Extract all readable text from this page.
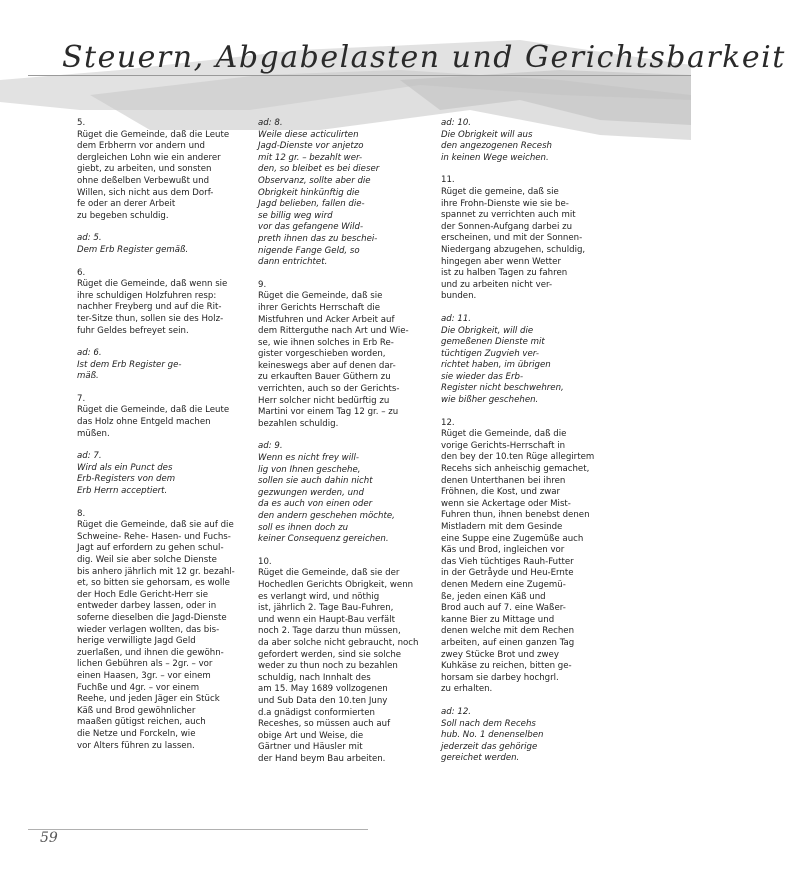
Steuern, Abgabelasten und Gerichtsbarkeit
5.
Rüget die Gemeinde, daß die Leute
dem Erbherrn vor andern und
dergleichen Lohn wie ein anderer
giebt, zu arbeiten, und sonsten
ohne deßelben Verbewußt und
Willen, sich nicht aus dem Dorf-
fe oder an derer Arbeit
zu begeben schuldig.
ad: 5.
Dem Erb Register gemäß.
6.
Rüget die Gemeinde, daß wenn sie
ihre schuldigen Holzfuhren resp:
nachher Freyberg und auf die Rit-
ter-Sitze thun, sollen sie des Holz-
fuhr Geldes befreyet sein.
ad: 6.
Ist dem Erb Register ge-
mäß.
7.
Rüget die Gemeinde, daß die Leute
das Holz ohne Entgeld machen
müßen.
ad: 7.
Wird als ein Punct des
Erb-Registers von dem
Erb Herrn acceptiert.
8.
Rüget die Gemeinde, daß sie auf die
Schweine- Rehe- Hasen- und Fuchs-
Jagt auf erfordern zu gehen schul-
dig. Weil sie aber solche Dienste
bis anhero jährlich mit 12 gr. bezahl-
et, so bitten sie gehorsam, es wolle
der Hoch Edle Gericht-Herr sie
entweder darbey lassen, oder in
soferne dieselben die Jagd-Dienste
wieder verlagen wollten, das bis-
herige verwilligte Jagd Geld
zuerlaßen, und ihnen die gewöhn-
lichen Gebühren als – 2gr. – vor
einen Haasen, 3gr. – vor einem
Fuchße und 4gr. – vor einem
Reehe, und jeden Jäger ein Stück
Käß und Brod gewöhnlicher
maaßen gütigst reichen, auch
die Netze und Forckeln, wie
vor Alters führen zu lassen.
ad: 8.
Weile diese acticulirten
Jagd-Dienste vor anjetzo
mit 12 gr. – bezahlt wer-
den, so bleibet es bei dieser
Observanz, sollte aber die
Obrigkeit hinkünftig die
Jagd belieben, fallen die-
se billig weg wird
vor das gefangene Wild-
preth ihnen das zu beschei-
nigende Fange Geld, so
dann entrichtet.
9.
Rüget die Gemeinde, daß sie
ihrer Gerichts Herrschaft die
Mistfuhren und Acker Arbeit auf
dem Ritterguthe nach Art und Wie-
se, wie ihnen solches in Erb Re-
gister vorgeschieben worden,
keineswegs aber auf denen dar-
zu erkauften Bauer Güthern zu
verrichten, auch so der Gerichts-
Herr solcher nicht bedürftig zu
Martini vor einem Tag 12 gr. – zu
bezahlen schuldig.
ad: 9.
Wenn es nicht frey will-
lig von Ihnen geschehe,
sollen sie auch dahin nicht
gezwungen werden, und
da es auch von einen oder
den andern geschehen möchte,
soll es ihnen doch zu
keiner Consequenz gereichen.
10.
Rüget die Gemeinde, daß sie der
Hochedlen Gerichts Obrigkeit, wenn
es verlangt wird, und nöthig
ist, jährlich 2. Tage Bau-Fuhren,
und wenn ein Haupt-Bau verfält
noch 2. Tage darzu thun müssen,
da aber solche nicht gebraucht, noch
gefordert werden, sind sie solche
weder zu thun noch zu bezahlen
schuldig, nach Innhalt des
am 15. May 1689 vollzogenen
und Sub Data den 10.ten Juny
d.a gnädigst conformierten
Receshes, so müssen auch auf
obige Art und Weise, die
Gärtner und Häusler mit
der Hand beym Bau arbeiten.
ad: 10.
Die Obrigkeit will aus
den angezogenen Recesh
in keinen Wege weichen.
11.
Rüget die gemeine, daß sie
ihre Frohn-Dienste wie sie be-
spannet zu verrichten auch mit
der Sonnen-Aufgang darbei zu
erscheinen, und mit der Sonnen-
Niedergang abzugehen, schuldig,
hingegen aber wenn Wetter
ist zu halben Tagen zu fahren
und zu arbeiten nicht ver-
bunden.
ad: 11.
Die Obrigkeit, will die
gemeßenen Dienste mit
tüchtigen Zugvieh ver-
richtet haben, im übrigen
sie wieder das Erb-
Register nicht beschwehren,
wie bißher geschehen.
12.
Rüget die Gemeinde, daß die
vorige Gerichts-Herrschaft in
den bey der 10.ten Rüge allegirtem
Recehs sich anheischig gemachet,
denen Unterthanen bei ihren
Fröhnen, die Kost, und zwar
wenn sie Ackertage oder Mist-
Fuhren thun, ihnen benebst denen
Mistladern mit dem Gesinde
eine Suppe eine Zugemüße auch
Käs und Brod, ingleichen vor
das Vieh tüchtiges Rauh-Futter
in der Getråyde und Heu-Ernte
denen Medern eine Zugemü-
ße, jeden einen Käß und
Brod auch auf 7. eine Waßer-
kanne Bier zu Mittage und
denen welche mit dem Rechen
arbeiten, auf einen ganzen Tag
zwey Stücke Brot und zwey
Kuhkäse zu reichen, bitten ge-
horsam sie darbey hochgrl.
zu erhalten.
ad: 12.
Soll nach dem Recehs
hub. No. 1 denenselben
jederzeit das gehörige
gereichet werden.
59
